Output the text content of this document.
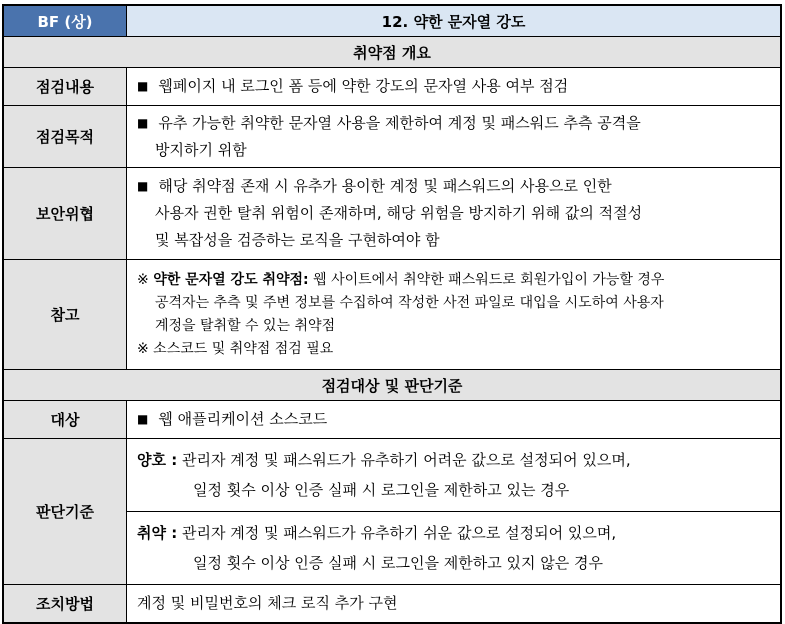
BF (상)	12. 약한 문자열 강도
취약점 개요	
점검내용	■ 웹페이지 내 로그인 폼 등에 약한 강도의 문자열 사용 여부 점검

점검목적	■ 유추 가능한 취약한 문자열 사용을 제한하여 계정 및 패스워드 추측 공격을
방지하기 위함

보안위협	■ 해당 취약점 존재 시 유추가 용이한 계정 및 패스워드의 사용으로 인한
사용자 권한 탈취 위험이 존재하며, 해당 위험을 방지하기 위해 값의 적절성
및 복잡성을 검증하는 로직을 구현하여야 함

참고	※ 약한 문자열 강도 취약점: 웹 사이트에서 취약한 패스워드로 회원가입이 가능할 경우
공격자는 추측 및 주변 정보를 수집하여 작성한 사전 파일로 대입을 시도하여 사용자
계정을 탈취할 수 있는 취약점
※ 소스코드 및 취약점 점검 필요

점검대상 및 판단기준	
대상	■ 웹 애플리케이션 소스코드

판단기준	양호 : 관리자 계정 및 패스워드가 유추하기 어려운 값으로 설정되어 있으며,
일정 횟수 이상 인증 실패 시 로그인을 제한하고 있는 경우

	취약 : 관리자 계정 및 패스워드가 유추하기 쉬운 값으로 설정되어 있으며,
일정 횟수 이상 인증 실패 시 로그인을 제한하고 있지 않은 경우

조치방법	계정 및 비밀번호의 체크 로직 추가 구현
